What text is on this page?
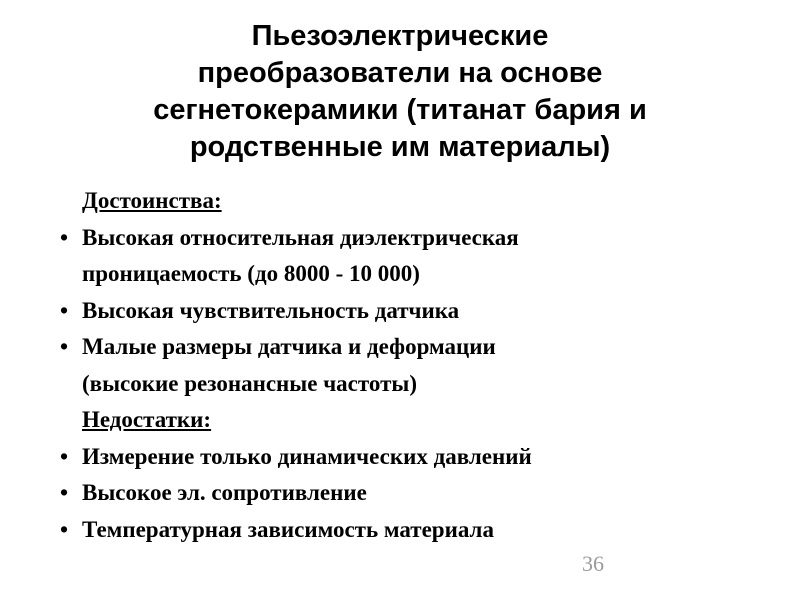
Пьезоэлектрические
преобразователи на основе
сегнетокерамики (титанат бария и
родственные им материалы)
Достоинства:
• Высокая относительная диэлектрическая
проницаемость (до 8000 - 10 000)
• Высокая чувствительность датчика
• Малые размеры датчика и деформации
(высокие резонансные частоты)
Недостатки:
• Измерение только динамических давлений
• Высокое эл. сопротивление
• Температурная зависимость материала
36
